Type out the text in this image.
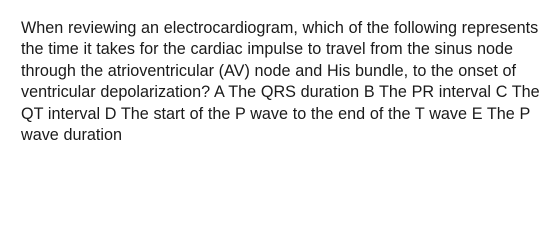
When reviewing an electrocardiogram, which of the following represents the time it takes for the cardiac impulse to travel from the sinus node through the atrioventricular (AV) node and His bundle, to the onset of ventricular depolarization? A The QRS duration B The PR interval C The QT interval D The start of the P wave to the end of the T wave E The P wave duration
